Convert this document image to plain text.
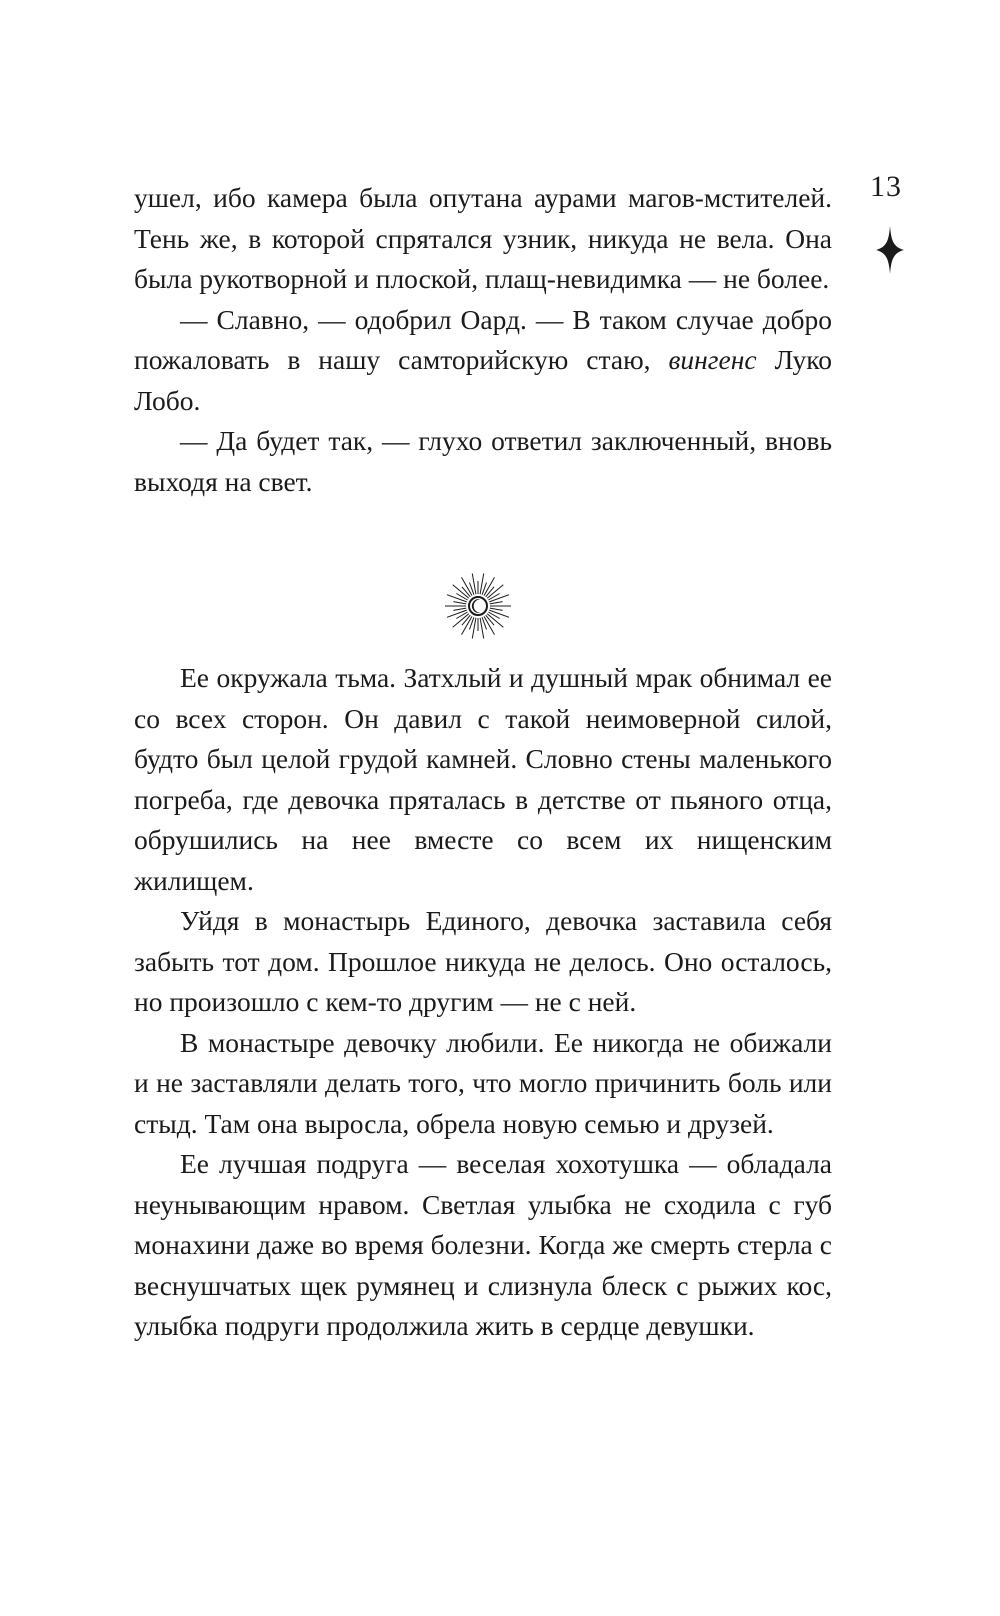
13

ушел, ибо камера была опутана аурами магов-мстителей. Тень же, в которой спрятался узник, никуда не вела. Она была рукотворной и плоской, плащ-невидимка — не более.

— Славно, — одобрил Оард. — В таком случае добро пожаловать в нашу самторийскую стаю, вингенс Луко Лобо.

— Да будет так, — глухо ответил заключенный, вновь выходя на свет.

Ее окружала тьма. Затхлый и душный мрак обнимал ее со всех сторон. Он давил с такой неимоверной силой, будто был целой грудой камней. Словно стены маленького погреба, где девочка пряталась в детстве от пьяного отца, обрушились на нее вместе со всем их нищенским жилищем.

Уйдя в монастырь Единого, девочка заставила себя забыть тот дом. Прошлое никуда не делось. Оно осталось, но произошло с кем-то другим — не с ней.

В монастыре девочку любили. Ее никогда не обижали и не заставляли делать того, что могло причинить боль или стыд. Там она выросла, обрела новую семью и друзей.

Ее лучшая подруга — веселая хохотушка — обладала неунывающим нравом. Светлая улыбка не сходила с губ монахини даже во время болезни. Когда же смерть стерла с веснушчатых щек румянец и слизнула блеск с рыжих кос, улыбка подруги продолжила жить в сердце девушки.
